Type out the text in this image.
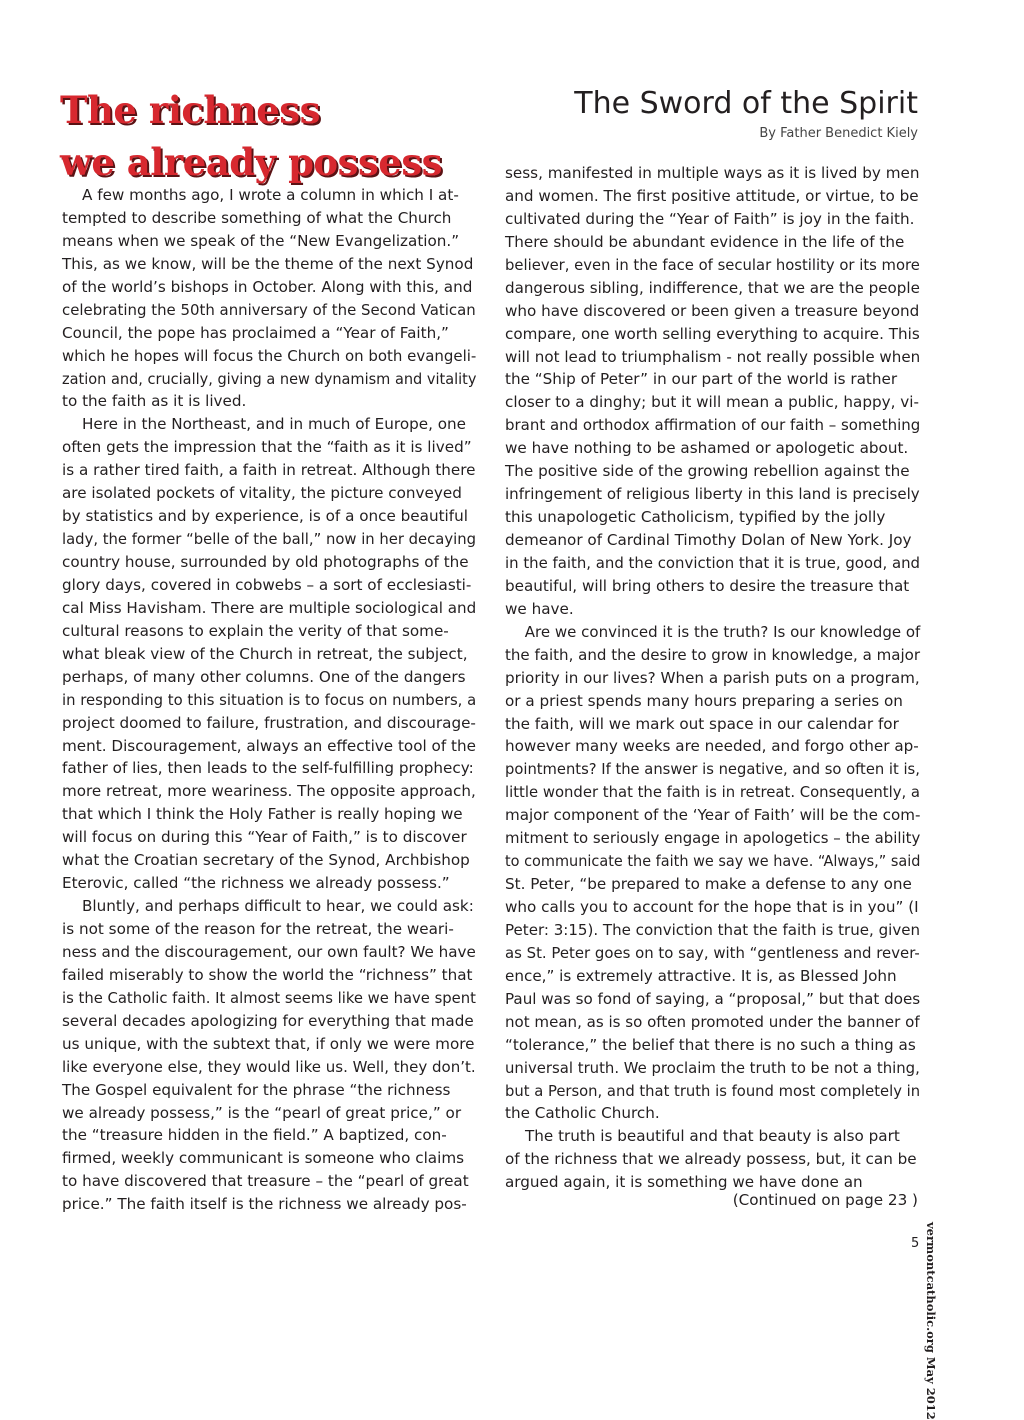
The richness
we already possess
The Sword of the Spirit
By Father Benedict Kiely
A few months ago, I wrote a column in which I at-
tempted to describe something of what the Church
means when we speak of the “New Evangelization.”
This, as we know, will be the theme of the next Synod
of the world’s bishops in October. Along with this, and
celebrating the 50th anniversary of the Second Vatican
Council, the pope has proclaimed a “Year of Faith,”
which he hopes will focus the Church on both evangeli-
zation and, crucially, giving a new dynamism and vitality
to the faith as it is lived.
Here in the Northeast, and in much of Europe, one
often gets the impression that the “faith as it is lived”
is a rather tired faith, a faith in retreat. Although there
are isolated pockets of vitality, the picture conveyed
by statistics and by experience, is of a once beautiful
lady, the former “belle of the ball,” now in her decaying
country house, surrounded by old photographs of the
glory days, covered in cobwebs – a sort of ecclesiasti-
cal Miss Havisham. There are multiple sociological and
cultural reasons to explain the verity of that some-
what bleak view of the Church in retreat, the subject,
perhaps, of many other columns. One of the dangers
in responding to this situation is to focus on numbers, a
project doomed to failure, frustration, and discourage-
ment. Discouragement, always an effective tool of the
father of lies, then leads to the self-fulfilling prophecy:
more retreat, more weariness. The opposite approach,
that which I think the Holy Father is really hoping we
will focus on during this “Year of Faith,” is to discover
what the Croatian secretary of the Synod, Archbishop
Eterovic, called “the richness we already possess.”
Bluntly, and perhaps difficult to hear, we could ask:
is not some of the reason for the retreat, the weari-
ness and the discouragement, our own fault? We have
failed miserably to show the world the “richness” that
is the Catholic faith. It almost seems like we have spent
several decades apologizing for everything that made
us unique, with the subtext that, if only we were more
like everyone else, they would like us. Well, they don’t.
The Gospel equivalent for the phrase “the richness
we already possess,” is the “pearl of great price,” or
the “treasure hidden in the field.” A baptized, con-
firmed, weekly communicant is someone who claims
to have discovered that treasure – the “pearl of great
price.” The faith itself is the richness we already pos-
sess, manifested in multiple ways as it is lived by men
and women. The first positive attitude, or virtue, to be
cultivated during the “Year of Faith” is joy in the faith.
There should be abundant evidence in the life of the
believer, even in the face of secular hostility or its more
dangerous sibling, indifference, that we are the people
who have discovered or been given a treasure beyond
compare, one worth selling everything to acquire. This
will not lead to triumphalism - not really possible when
the “Ship of Peter” in our part of the world is rather
closer to a dinghy; but it will mean a public, happy, vi-
brant and orthodox affirmation of our faith – something
we have nothing to be ashamed or apologetic about.
The positive side of the growing rebellion against the
infringement of religious liberty in this land is precisely
this unapologetic Catholicism, typified by the jolly
demeanor of Cardinal Timothy Dolan of New York. Joy
in the faith, and the conviction that it is true, good, and
beautiful, will bring others to desire the treasure that
we have.
Are we convinced it is the truth? Is our knowledge of
the faith, and the desire to grow in knowledge, a major
priority in our lives? When a parish puts on a program,
or a priest spends many hours preparing a series on
the faith, will we mark out space in our calendar for
however many weeks are needed, and forgo other ap-
pointments? If the answer is negative, and so often it is,
little wonder that the faith is in retreat. Consequently, a
major component of the ‘Year of Faith’ will be the com-
mitment to seriously engage in apologetics – the ability
to communicate the faith we say we have. “Always,” said
St. Peter, “be prepared to make a defense to any one
who calls you to account for the hope that is in you” (I
Peter: 3:15). The conviction that the faith is true, given
as St. Peter goes on to say, with “gentleness and rever-
ence,” is extremely attractive. It is, as Blessed John
Paul was so fond of saying, a “proposal,” but that does
not mean, as is so often promoted under the banner of
“tolerance,” the belief that there is no such a thing as
universal truth. We proclaim the truth to be not a thing,
but a Person, and that truth is found most completely in
the Catholic Church.
The truth is beautiful and that beauty is also part
of the richness that we already possess, but, it can be
argued again, it is something we have done an
(Continued on page 23 )
vermontcatholic.org May 2012
5
